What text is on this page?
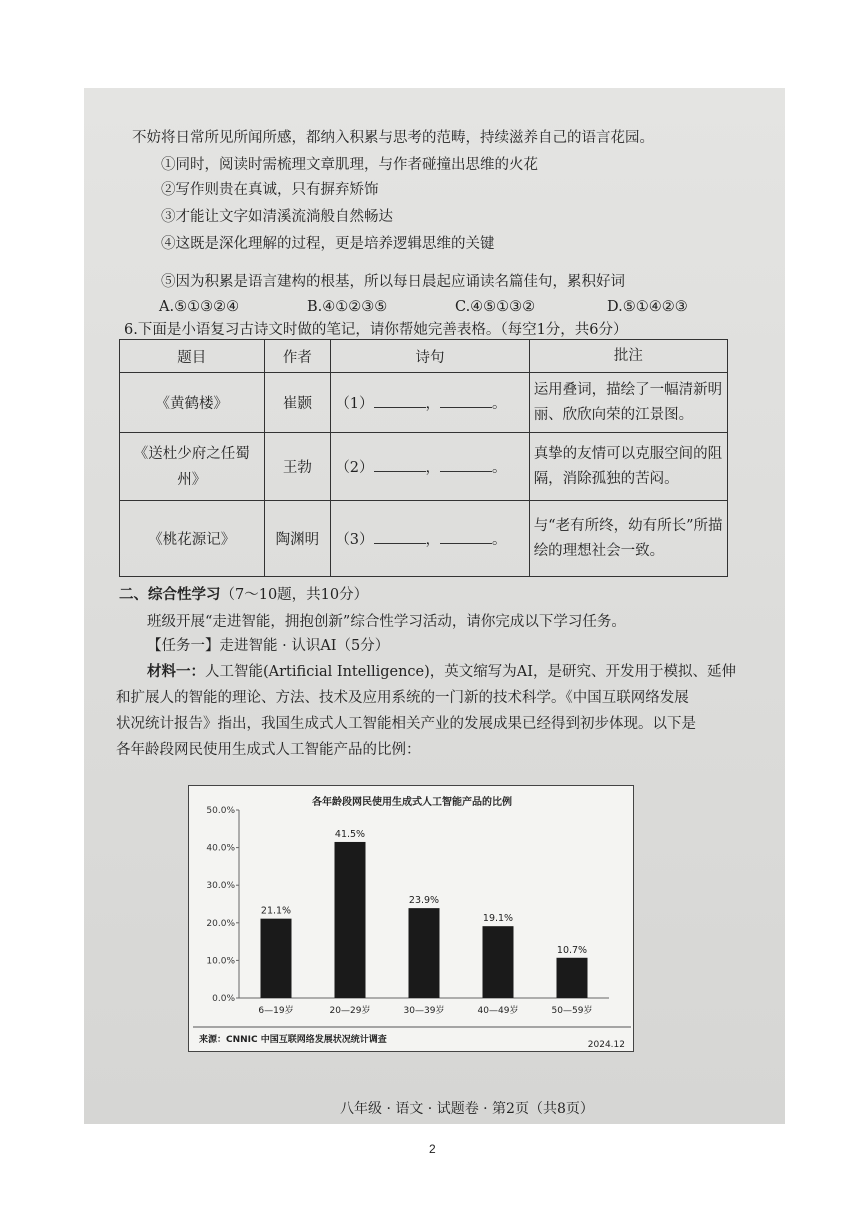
不妨将日常所见所闻所感，都纳入积累与思考的范畴，持续滋养自己的语言花园。
①同时，阅读时需梳理文章肌理，与作者碰撞出思维的火花
②写作则贵在真诚，只有摒弃矫饰
③才能让文字如清溪流淌般自然畅达
④这既是深化理解的过程，更是培养逻辑思维的关键
⑤因为积累是语言建构的根基，所以每日晨起应诵读名篇佳句，累积好词
A.⑤①③②④	B.④①②③⑤	C.④⑤①③②	D.⑤①④②③
6.下面是小语复习古诗文时做的笔记，请你帮她完善表格。（每空1分，共6分）
题目	作者	诗句	批注
《黄鹤楼》	崔颢	（1） ， 。	运用叠词，描绘了一幅清新明丽、欣欣向荣的江景图。
《送杜少府之任蜀州》	王勃	（2） ， 。	真挚的友情可以克服空间的阻隔，消除孤独的苦闷。
《桃花源记》	陶渊明	（3） ， 。	与“老有所终，幼有所长”所描绘的理想社会一致。
二、综合性学习（7～10题，共10分）
班级开展“走进智能，拥抱创新”综合性学习活动，请你完成以下学习任务。
【任务一】走进智能 · 认识AI（5分）
材料一：人工智能(Artificial Intelligence)，英文缩写为AI，是研究、开发用于模拟、延伸
和扩展人的智能的理论、方法、技术及应用系统的一门新的技术科学。《中国互联网络发展
状况统计报告》指出，我国生成式人工智能相关产业的发展成果已经得到初步体现。以下是
各年龄段网民使用生成式人工智能产品的比例：
各年龄段网民使用生成式人工智能产品的比例
0.0%
10.0%
20.0%
30.0%
40.0%
50.0%
21.1%
6—19岁
41.5%
20—29岁
23.9%
30—39岁
19.1%
40—49岁
10.7%
50—59岁
来源：CNNIC 中国互联网络发展状况统计调查	2024.12
八年级 · 语文 · 试题卷 · 第2页（共8页）
2
